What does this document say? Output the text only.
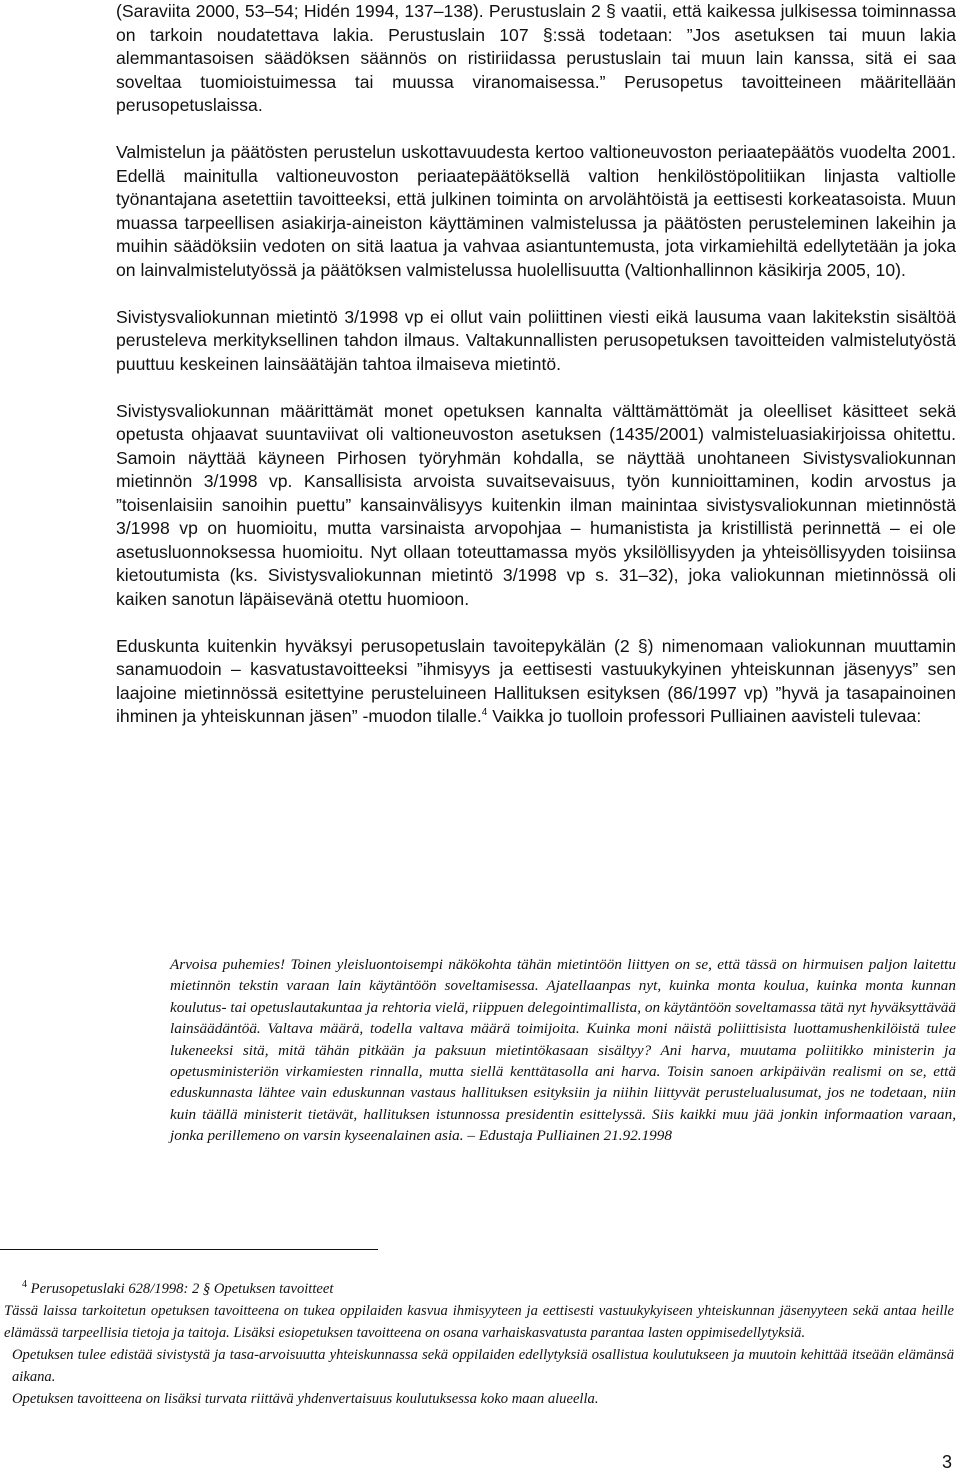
(Saraviita 2000, 53–54; Hidén 1994, 137–138). Perustuslain 2 § vaatii, että kaikessa julkisessa toiminnassa on tarkoin noudatettava lakia. Perustuslain 107 §:ssä todetaan: ”Jos asetuksen tai muun lakia alemmantasoisen säädöksen säännös on ristiriidassa perustuslain tai muun lain kanssa, sitä ei saa soveltaa tuomioistuimessa tai muussa viranomaisessa.” Perusopetus tavoitteineen määritellään perusopetuslaissa.

Valmistelun ja päätösten perustelun uskottavuudesta kertoo valtioneuvoston periaatepäätös vuodelta 2001. Edellä mainitulla valtioneuvoston periaatepäätöksellä valtion henkilöstöpolitiikan linjasta valtiolle työnantajana asetettiin tavoitteeksi, että julkinen toiminta on arvolähtöistä ja eettisesti korkeatasoista. Muun muassa tarpeellisen asiakirja-aineiston käyttäminen valmistelussa ja päätösten perusteleminen lakeihin ja muihin säädöksiin vedoten on sitä laatua ja vahvaa asiantuntemusta, jota virkamiehiltä edellytetään ja joka on lainvalmistelutyössä ja päätöksen valmistelussa huolellisuutta (Valtionhallinnon käsikirja 2005, 10).

Sivistysvaliokunnan mietintö 3/1998 vp ei ollut vain poliittinen viesti eikä lausuma vaan lakitekstin sisältöä perusteleva merkityksellinen tahdon ilmaus. Valtakunnallisten perusopetuksen tavoitteiden valmistelutyöstä puuttuu keskeinen lainsäätäjän tahtoa ilmaiseva mietintö.

Sivistysvaliokunnan määrittämät monet opetuksen kannalta välttämättömät ja oleelliset käsitteet sekä opetusta ohjaavat suuntaviivat oli valtioneuvoston asetuksen (1435/2001) valmisteluasiakirjoissa ohitettu. Samoin näyttää käyneen Pirhosen työryhmän kohdalla, se näyttää unohtaneen Sivistysvaliokunnan mietinnön 3/1998 vp. Kansallisista arvoista suvaitsevaisuus, työn kunnioittaminen, kodin arvostus ja ”toisenlaisiin sanoihin puettu” kansainvälisyys kuitenkin ilman mainintaa sivistysvaliokunnan mietinnöstä 3/1998 vp on huomioitu, mutta varsinaista arvopohjaa – humanistista ja kristillistä perinnettä – ei ole asetusluonnoksessa huomioitu. Nyt ollaan toteuttamassa myös yksilöllisyyden ja yhteisöllisyyden toisiinsa kietoutumista (ks. Sivistysvaliokunnan mietintö 3/1998 vp s. 31–32), joka valiokunnan mietinnössä oli kaiken sanotun läpäisevänä otettu huomioon.

Eduskunta kuitenkin hyväksyi perusopetuslain tavoitepykälän (2 §) nimenomaan valiokunnan muuttamin sanamuodoin – kasvatustavoitteeksi ”ihmisyys ja eettisesti vastuukykyinen yhteiskunnan jäsenyys” sen laajoine mietinnössä esitettyine perusteluineen Hallituksen esityksen (86/1997 vp) ”hyvä ja tasapainoinen ihminen ja yhteiskunnan jäsen” -muodon tilalle.$^4$ Vaikka jo tuolloin professori Pulliainen aavisteli tulevaa:

Arvoisa puhemies! Toinen yleisluontoisempi näkökohta tähän mietintöön liittyen on se, että tässä on hirmuisen paljon laitettu mietinnön tekstin varaan lain käytäntöön soveltamisessa. Ajatellaanpas nyt, kuinka monta koulua, kuinka monta kunnan koulutus- tai opetuslautakuntaa ja rehtoria vielä, riippuen delegointimallista, on käytäntöön soveltamassa tätä nyt hyväksyttävää lainsäädäntöä. Valtava määrä, todella valtava määrä toimijoita. Kuinka moni näistä poliittisista luottamushenkilöistä tulee lukeneeksi sitä, mitä tähän pitkään ja paksuun mietintökasaan sisältyy? Ani harva, muutama poliitikko ministerin ja opetusministeriön virkamiesten rinnalla, mutta siellä kenttätasolla ani harva. Toisin sanoen arkipäivän realismi on se, että eduskunnasta lähtee vain eduskunnan vastaus hallituksen esityksiin ja niihin liittyvät perustelualusumat, jos ne todetaan, niin kuin täällä ministerit tietävät, hallituksen istunnossa presidentin esittelyssä. Siis kaikki muu jää jonkin informaation varaan, jonka perillemeno on varsin kyseenalainen asia. – Edustaja Pulliainen 21.92.1998

$^4$ Perusopetuslaki 628/1998: 2 § Opetuksen tavoitteet

Tässä laissa tarkoitetun opetuksen tavoitteena on tukea oppilaiden kasvua ihmisyyteen ja eettisesti vastuukykyiseen yhteiskunnan jäsenyyteen sekä antaa heille elämässä tarpeellisia tietoja ja taitoja. Lisäksi esiopetuksen tavoitteena on osana varhaiskasvatusta parantaa lasten oppimisedellytyksiä.

Opetuksen tulee edistää sivistystä ja tasa-arvoisuutta yhteiskunnassa sekä oppilaiden edellytyksiä osallistua koulutukseen ja muutoin kehittää itseään elämänsä aikana.

Opetuksen tavoitteena on lisäksi turvata riittävä yhdenvertaisuus koulutuksessa koko maan alueella.

3
